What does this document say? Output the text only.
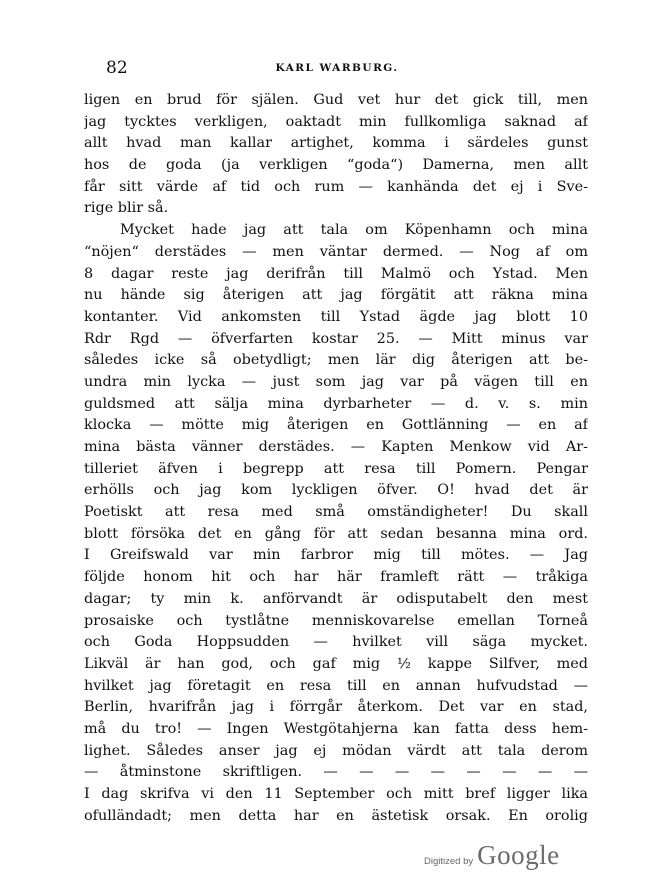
82	KARL WARBURG.
ligen en brud för själen. Gud vet hur det gick till, men
jag tycktes verkligen, oaktadt min fullkomliga saknad af
allt hvad man kallar artighet, komma i särdeles gunst
hos de goda (ja verkligen “goda“) Damerna, men allt
får sitt värde af tid och rum — kanhända det ej i Sve-
rige blir så.
Mycket hade jag att tala om Köpenhamn och mina
“nöjen“ derstädes — men väntar dermed. — Nog af om
8 dagar reste jag derifrån till Malmö och Ystad. Men
nu hände sig återigen att jag förgätit att räkna mina
kontanter. Vid ankomsten till Ystad ägde jag blott 10
Rdr Rgd — öfverfarten kostar 25. — Mitt minus var
således icke så obetydligt; men lär dig återigen att be-
undra min lycka — just som jag var på vägen till en
guldsmed att sälja mina dyrbarheter — d. v. s. min
klocka — mötte mig återigen en Gottlänning — en af
mina bästa vänner derstädes. — Kapten Menkow vid Ar-
tilleriet äfven i begrepp att resa till Pomern. Pengar
erhölls och jag kom lyckligen öfver. O! hvad det är
Poetiskt att resa med små omständigheter! Du skall
blott försöka det en gång för att sedan besanna mina ord.
I Greifswald var min farbror mig till mötes. — Jag
följde honom hit och har här framleft rätt — tråkiga
dagar; ty min k. anförvandt är odisputabelt den mest
prosaiske och tystlåtne menniskovarelse emellan Torneå
och Goda Hoppsudden — hvilket vill säga mycket.
Likväl är han god, och gaf mig ½ kappe Silfver, med
hvilket jag företagit en resa till en annan hufvudstad —
Berlin, hvarifrån jag i förrgår återkom. Det var en stad,
må du tro! — Ingen Westgötahjerna kan fatta dess hem-
lighet. Således anser jag ej mödan värdt att tala derom
— åtminstone skriftligen. — — — — — — — —
I dag skrifva vi den 11 September och mitt bref ligger lika
ofulländadt; men detta har en ästetisk orsak. En orolig
Digitized by Google
